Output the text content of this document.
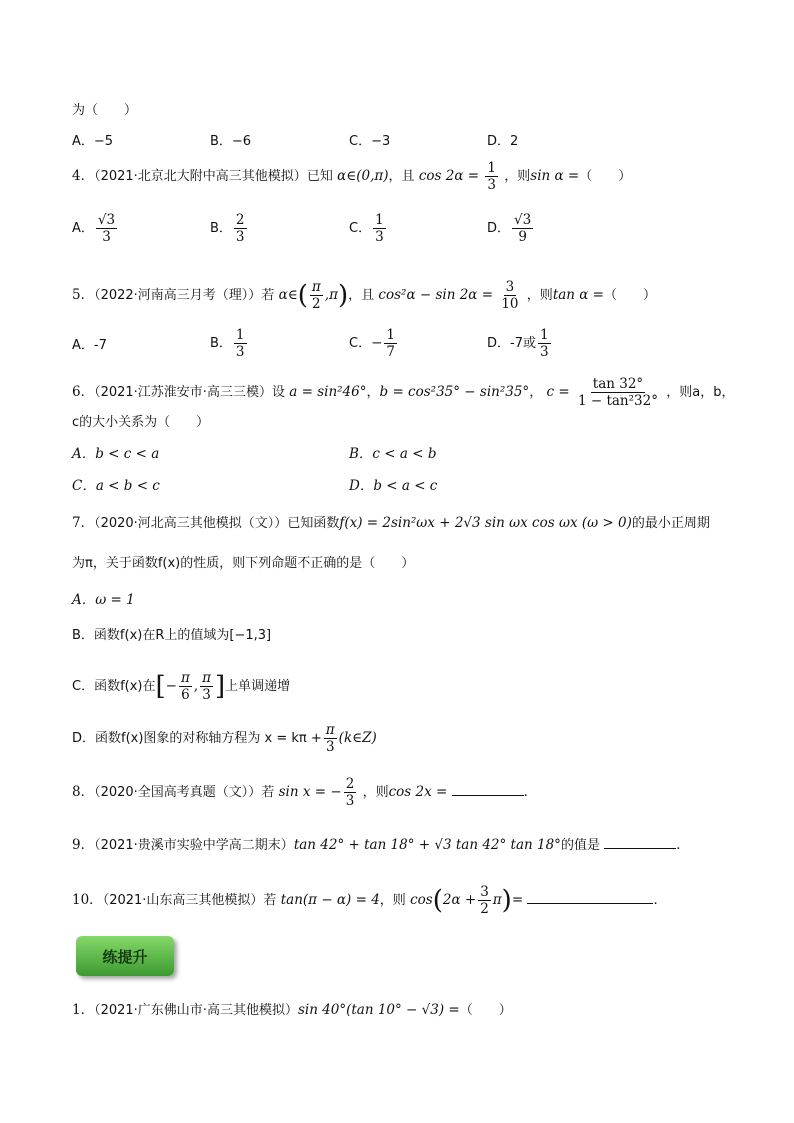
为（　　）
A．−5	B．−6	C．−3	D．2
4．（2021·北京北大附中高三其他模拟）已知 α∈(0,π)，且 $\cos 2\alpha = \frac{1}{3}$ ，则sin α =（　　）
A． $\frac{√3}{3}$	B． $\frac{2}{3}$	C． $\frac{1}{3}$	D． $\frac{√3}{9}$
5．（2022·河南高三月考（理））若 α∈( $\frac{\pi}{2} ,\pi$)，且 $\cos^2\alpha - \sin 2\alpha = \frac{3}{10}$ ，则tan α =（　　）
A．-7	B． $\frac{1}{3}$	C．− $\frac{1}{7}$	D．-7或 $\frac{1}{3}$
6．（2021·江苏淮安市·高三三模）设 a = sin²46°，b = cos²35° − sin²35°， $c = \frac{\tan 32^\circ}{\text{1 − tan²32°}}$ ，则a，b，
c的大小关系为（　　）
A．b < c < a	B．c < a < b
C．a < b < c	D．b < a < c
7．（2020·河北高三其他模拟（文））已知函数f(x) = 2sin²ωx + 2√3 sin ωx cos ωx (ω > 0)的最小正周期
为π，关于函数f(x)的性质，则下列命题不正确的是（　　）
A．ω = 1
B．函数f(x)在R上的值域为[−1,3]
C．函数f(x)在[− $\frac{\pi}{6}$ , $\frac{\pi}{3}$ ]上单调递增
D．函数f(x)图象的对称轴方程为 $x = k\pi + \frac{\pi}{3}$ (k∈Z)
8．（2020·全国高考真题（文））若 sin x = − $\frac{2}{3}$ ，则cos 2x =	．
9．（2021·贵溪市实验中学高二期末）tan 42° + tan 18° + √3 tan 42° tan 18°的值是	．
10．（2021·山东高三其他模拟）若 tan(π − α) = 4，则 $\cos(2\alpha + \frac{3}{2} \pi)=$	．
练提升
1．（2021·广东佛山市·高三其他模拟）sin 40°(tan 10° − √3) =（　　）
